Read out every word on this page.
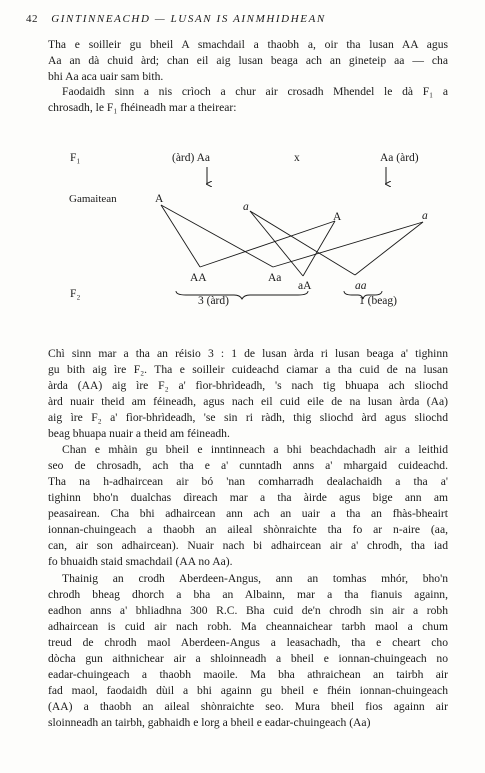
42 GINTINNEACHD — LUSAN IS AINMHIDHEAN
Tha e soilleir gu bheil A smachdail a thaobh a, oir tha lusan AA agus
Aa an dà chuid àrd; chan eil aig lusan beaga ach an gineteip aa — cha
bhi Aa aca uair sam bith.
Faodaidh sinn a nis crìoch a chur air crosadh Mhendel le dà F₁ a
chrosadh, le F₁ fhéineadh mar a theirear:
F₁	(àrd) Aa	x	Aa (àrd)
Gamaitean	A
a
A	a
AA	Aa
aA	aa
F₂
3 (àrd)	1 (beag)
Chì sinn mar a tha an réisio 3 : 1 de lusan àrda ri lusan beaga a' tighinn
gu bith aig ìre F₂. Tha e soilleir cuideachd ciamar a tha cuid de na lusan
àrda (AA) aig ìre F₂ a' fìor-bhrìdeadh, 's nach tig bhuapa ach sliochd
àrd nuair theid am féineadh, agus nach eil cuid eile de na lusan àrda (Aa)
aig ìre F₂ a' fìor-bhrìdeadh, 'se sin ri ràdh, thig sliochd àrd agus sliochd
beag bhuapa nuair a theid am féineadh.
Chan e mhàin gu bheil e inntinneach a bhi beachdachadh air a leithid
seo de chrosadh, ach tha e a' cunntadh anns a' mhargaid cuideachd.
Tha na h-adhaircean air bó 'nan comharradh dealachaidh a tha a'
tighinn bho'n dualchas dìreach mar a tha àirde agus bige ann am
peasairean. Cha bhi adhaircean ann ach an uair a tha an fhàs-bheairt
ionnan-chuingeach a thaobh an aileal shònraichte tha fo ar n-aire (aa,
can, air son adhaircean). Nuair nach bi adhaircean air a' chrodh, tha iad
fo bhuaidh staid smachdail (AA no Aa).
Thainig an crodh Aberdeen-Angus, ann an tomhas mhór, bho'n
chrodh bheag dhorch a bha an Albainn, mar a tha fianuis againn,
eadhon anns a' bhliadhna 300 R.C. Bha cuid de'n chrodh sin air a robh
adhaircean is cuid air nach robh. Ma cheannaichear tarbh maol a chum
treud de chrodh maol Aberdeen-Angus a leasachadh, tha e cheart cho
dòcha gun aithnichear air a shloinneadh a bheil e ionnan-chuingeach no
eadar-chuingeach a thaobh maoile. Ma bha athraichean an tairbh air
fad maol, faodaidh dùil a bhi againn gu bheil e fhéin ionnan-chuingeach
(AA) a thaobh an aileal shònraichte seo. Mura bheil fios againn air
sloinneadh an tairbh, gabhaidh e lorg a bheil e eadar-chuingeach (Aa)
